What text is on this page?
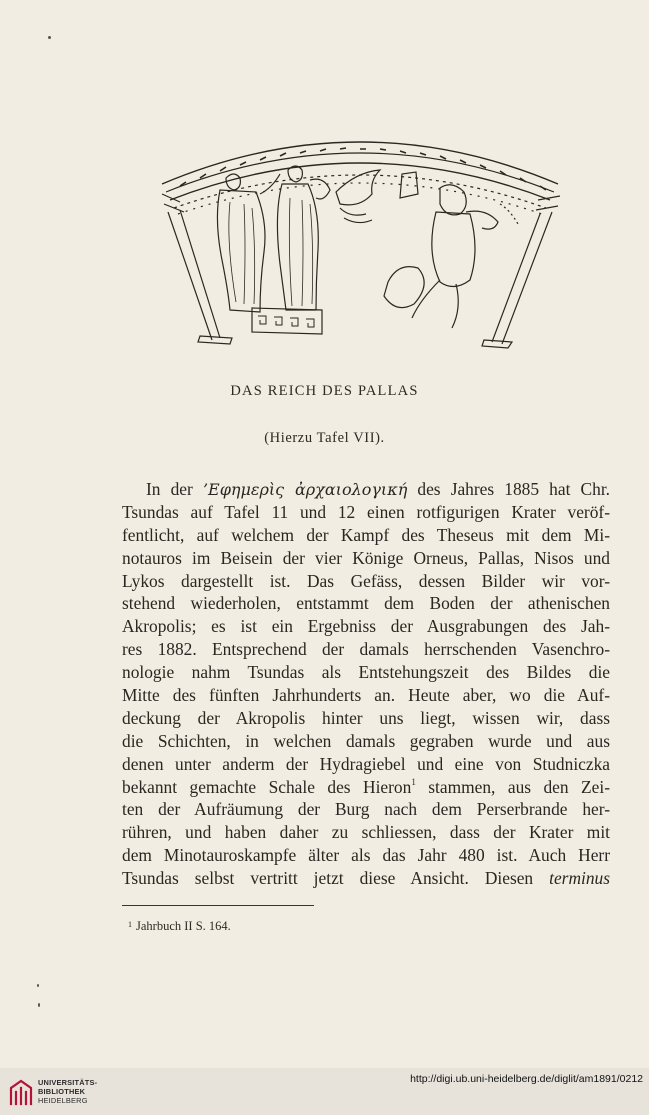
DAS REICH DES PALLAS
(Hierzu Tafel VII).
In der ’Εφημερὶς ἀρχαιολογική des Jahres 1885 hat Chr.
Tsundas auf Tafel 11 und 12 einen rotfigurigen Krater veröf-
fentlicht, auf welchem der Kampf des Theseus mit dem Mi-
notauros im Beisein der vier Könige Orneus, Pallas, Nisos und
Lykos dargestellt ist. Das Gefäss, dessen Bilder wir vor-
stehend wiederholen, entstammt dem Boden der athenischen
Akropolis; es ist ein Ergebniss der Ausgrabungen des Jah-
res 1882. Entsprechend der damals herrschenden Vasenchro-
nologie nahm Tsundas als Entstehungszeit des Bildes die
Mitte des fünften Jahrhunderts an. Heute aber, wo die Auf-
deckung der Akropolis hinter uns liegt, wissen wir, dass
die Schichten, in welchen damals gegraben wurde und aus
denen unter anderm der Hydragiebel und eine von Studniczka
bekannt gemachte Schale des Hieron$^1$ stammen, aus den Zei-
ten der Aufräumung der Burg nach dem Perserbrande her-
rühren, und haben daher zu schliessen, dass der Krater mit
dem Minotauroskampfe älter als das Jahr 480 ist. Auch Herr
Tsundas selbst vertritt jetzt diese Ansicht. Diesen terminus
$^1$ Jahrbuch II S. 164.
UNIVERSITÄTS-
BIBLIOTHEK
HEIDELBERG
http://digi.ub.uni-heidelberg.de/diglit/am1891/0212
